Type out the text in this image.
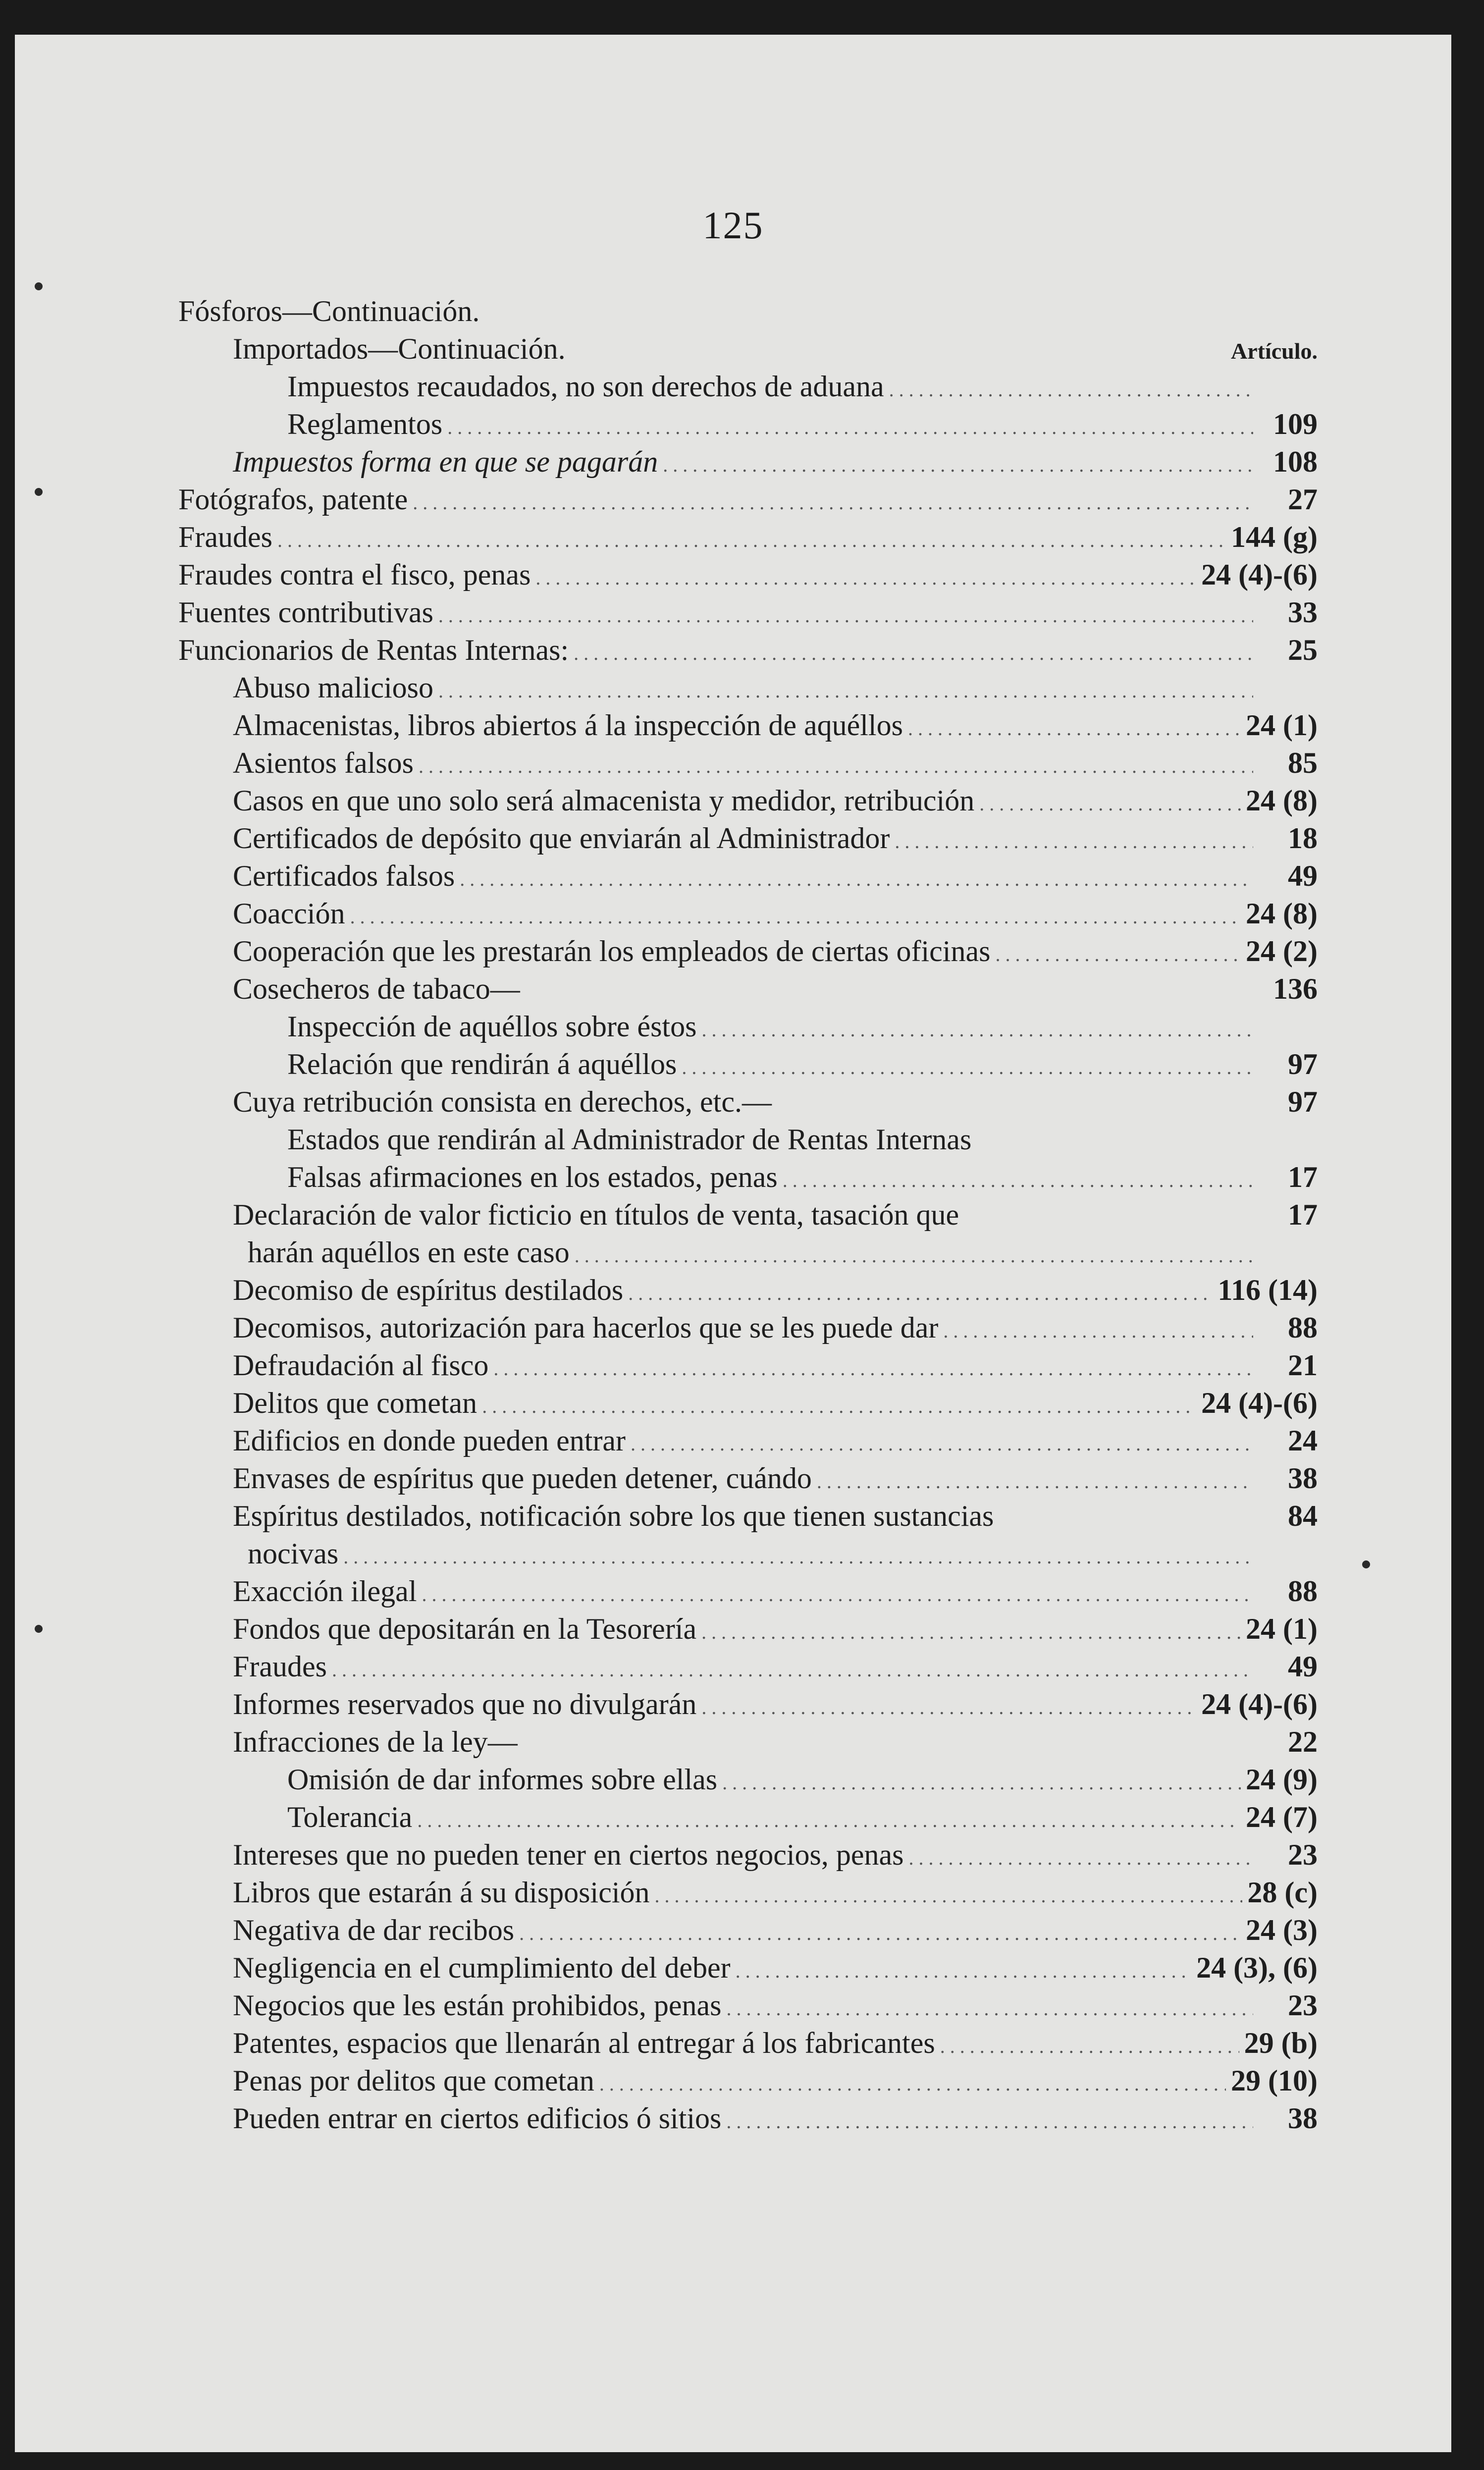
125
Fósforos—Continuación.
Importados—Continuación.	Artículo.
Impuestos recaudados, no son derechos de aduana
. . .
Reglamentos . . .	109
Impuestos forma en que se pagarán . . .	108
Fotógrafos, patente . . .	27
Fraudes . . .	144 (g)
Fraudes contra el fisco, penas . . .	24 (4)-(6)
Fuentes contributivas . . .	33
Funcionarios de Rentas Internas: . . .	25
Abuso malicioso
. . .
Almacenistas, libros abiertos á la inspección de aquéllos . . .	24 (1)
Asientos falsos . . .	85
Casos en que uno solo será almacenista y medidor, retribución . . .	24 (8)
Certificados de depósito que enviarán al Administrador . . .	18
Certificados falsos . . .	49
Coacción . . .	24 (8)
Cooperación que les prestarán los empleados de ciertas oficinas . . .	24 (2)
Cosecheros de tabaco—	136
Inspección de aquéllos sobre éstos
. . .
Relación que rendirán á aquéllos . . .	97
Cuya retribución consista en derechos, etc.—	97
Estados que rendirán al Administrador de Rentas Internas
Falsas afirmaciones en los estados, penas . . .	17
Declaración de valor ficticio en títulos de venta, tasación que	17
harán aquéllos en este caso
. . .
Decomiso de espíritus destilados . . .	116 (14)
Decomisos, autorización para hacerlos que se les puede dar . . .	88
Defraudación al fisco . . .	21
Delitos que cometan . . .	24 (4)-(6)
Edificios en donde pueden entrar . . .	24
Envases de espíritus que pueden detener, cuándo . . .	38
Espíritus destilados, notificación sobre los que tienen sustancias	84
nocivas
. . .
Exacción ilegal . . .	88
Fondos que depositarán en la Tesorería . . .	24 (1)
Fraudes . . .	49
Informes reservados que no divulgarán . . .	24 (4)-(6)
Infracciones de la ley—	22
Omisión de dar informes sobre ellas . . .	24 (9)
Tolerancia . . .	24 (7)
Intereses que no pueden tener en ciertos negocios, penas . . .	23
Libros que estarán á su disposición . . .	28 (c)
Negativa de dar recibos . . .	24 (3)
Negligencia en el cumplimiento del deber . . .	24 (3), (6)
Negocios que les están prohibidos, penas . . .	23
Patentes, espacios que llenarán al entregar á los fabricantes . . .	29 (b)
Penas por delitos que cometan . . .	29 (10)
Pueden entrar en ciertos edificios ó sitios . . .	38
